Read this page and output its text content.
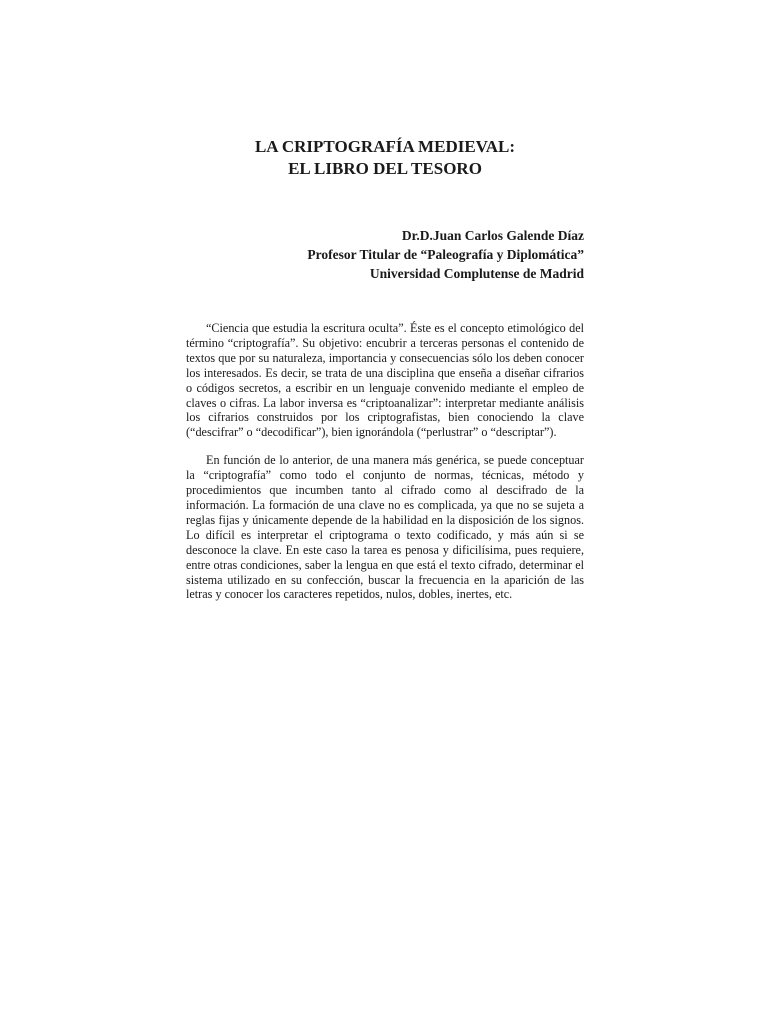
LA CRIPTOGRAFÍA MEDIEVAL:
EL LIBRO DEL TESORO
Dr.D.Juan Carlos Galende Díaz
Profesor Titular de “Paleografía y Diplomática”
Universidad Complutense de Madrid

“Ciencia que estudia la escritura oculta”. Éste es el concepto etimológico del término “criptografía”. Su objetivo: encubrir a terceras personas el contenido de textos que por su naturaleza, importancia y consecuencias sólo los deben conocer los interesados. Es decir, se trata de una disciplina que enseña a diseñar cifrarios o códigos secretos, a escribir en un lenguaje convenido mediante el empleo de claves o cifras. La labor inversa es “criptoanalizar”: interpretar mediante análisis los cifrarios construidos por los criptografistas, bien conociendo la clave (“descifrar” o “decodificar”), bien ignorándola (“perlustrar” o “descriptar”).

En función de lo anterior, de una manera más genérica, se puede conceptuar la “criptografía” como todo el conjunto de normas, técnicas, método y procedimientos que incumben tanto al cifrado como al descifrado de la información. La formación de una clave no es complicada, ya que no se sujeta a reglas fijas y únicamente depende de la habilidad en la disposición de los signos. Lo difícil es interpretar el criptograma o texto codificado, y más aún si se desconoce la clave. En este caso la tarea es penosa y dificilísima, pues requiere, entre otras condiciones, saber la lengua en que está el texto cifrado, determinar el sistema utilizado en su confección, buscar la frecuencia en la aparición de las letras y conocer los caracteres repetidos, nulos, dobles, inertes, etc.
